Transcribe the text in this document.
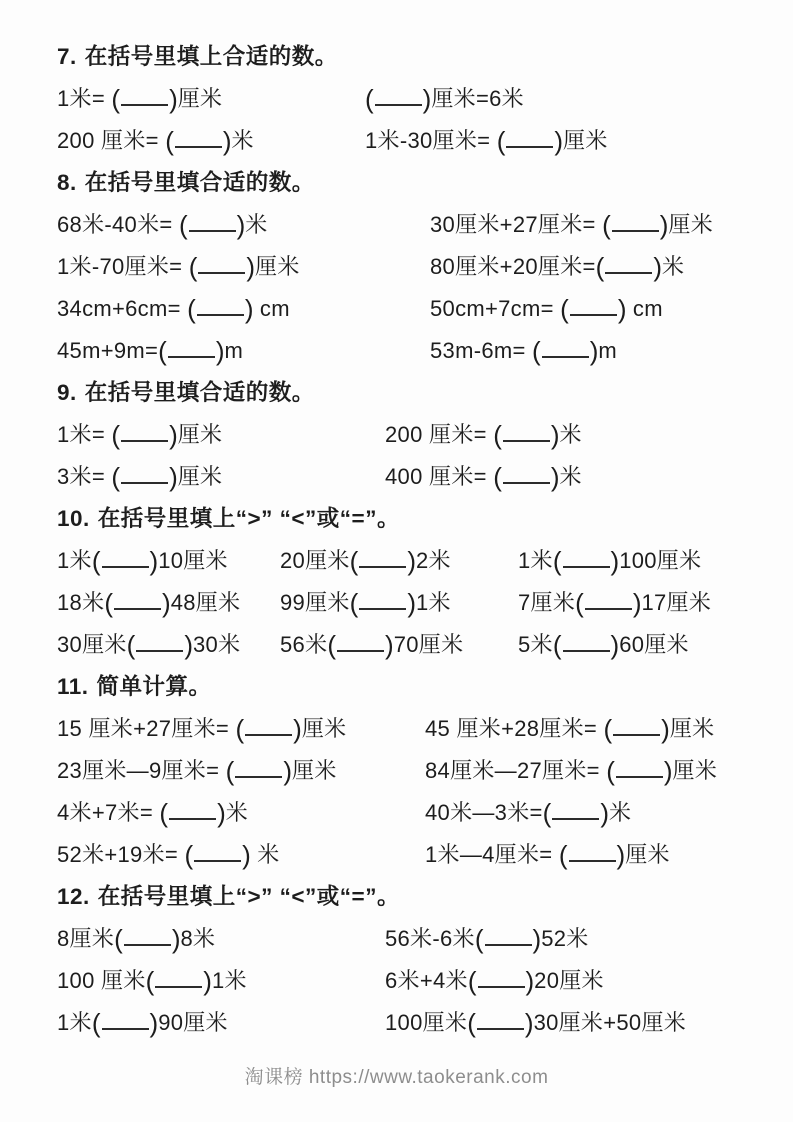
7. 在括号里填上合适的数。
1米= ( )厘米	( )厘米=6米
200 厘米= ( )米	1米-30厘米= ( )厘米
8. 在括号里填合适的数。
68米-40米= ( )米	30厘米+27厘米= ( )厘米
1米-70厘米= ( )厘米	80厘米+20厘米=( )米
34cm+6cm= ( ) cm	50cm+7cm= ( ) cm
45m+9m=( )m	53m-6m= ( )m
9. 在括号里填合适的数。
1米= ( )厘米	200 厘米= ( )米
3米= ( )厘米	400 厘米= ( )米
10. 在括号里填上“>” “<”或“=”。
1米( )10厘米 20厘米( )2米	1米( )100厘米
18米( )48厘米 99厘米( )1米	7厘米( )17厘米
30厘米( )30米 56米( )70厘米 5米( )60厘米
11. 简单计算。
15 厘米+27厘米= ( )厘米	45 厘米+28厘米= ( )厘米
23厘米—9厘米= ( )厘米	84厘米—27厘米= ( )厘米
4米+7米= ( )米	40米—3米=( )米
52米+19米= ( ) 米	1米—4厘米= ( )厘米
12. 在括号里填上“>” “<”或“=”。
8厘米( )8米	56米-6米( )52米
100 厘米( )1米	6米+4米( )20厘米
1米( )90厘米	100厘米( )30厘米+50厘米
淘课榜 https://www.taokerank.com
